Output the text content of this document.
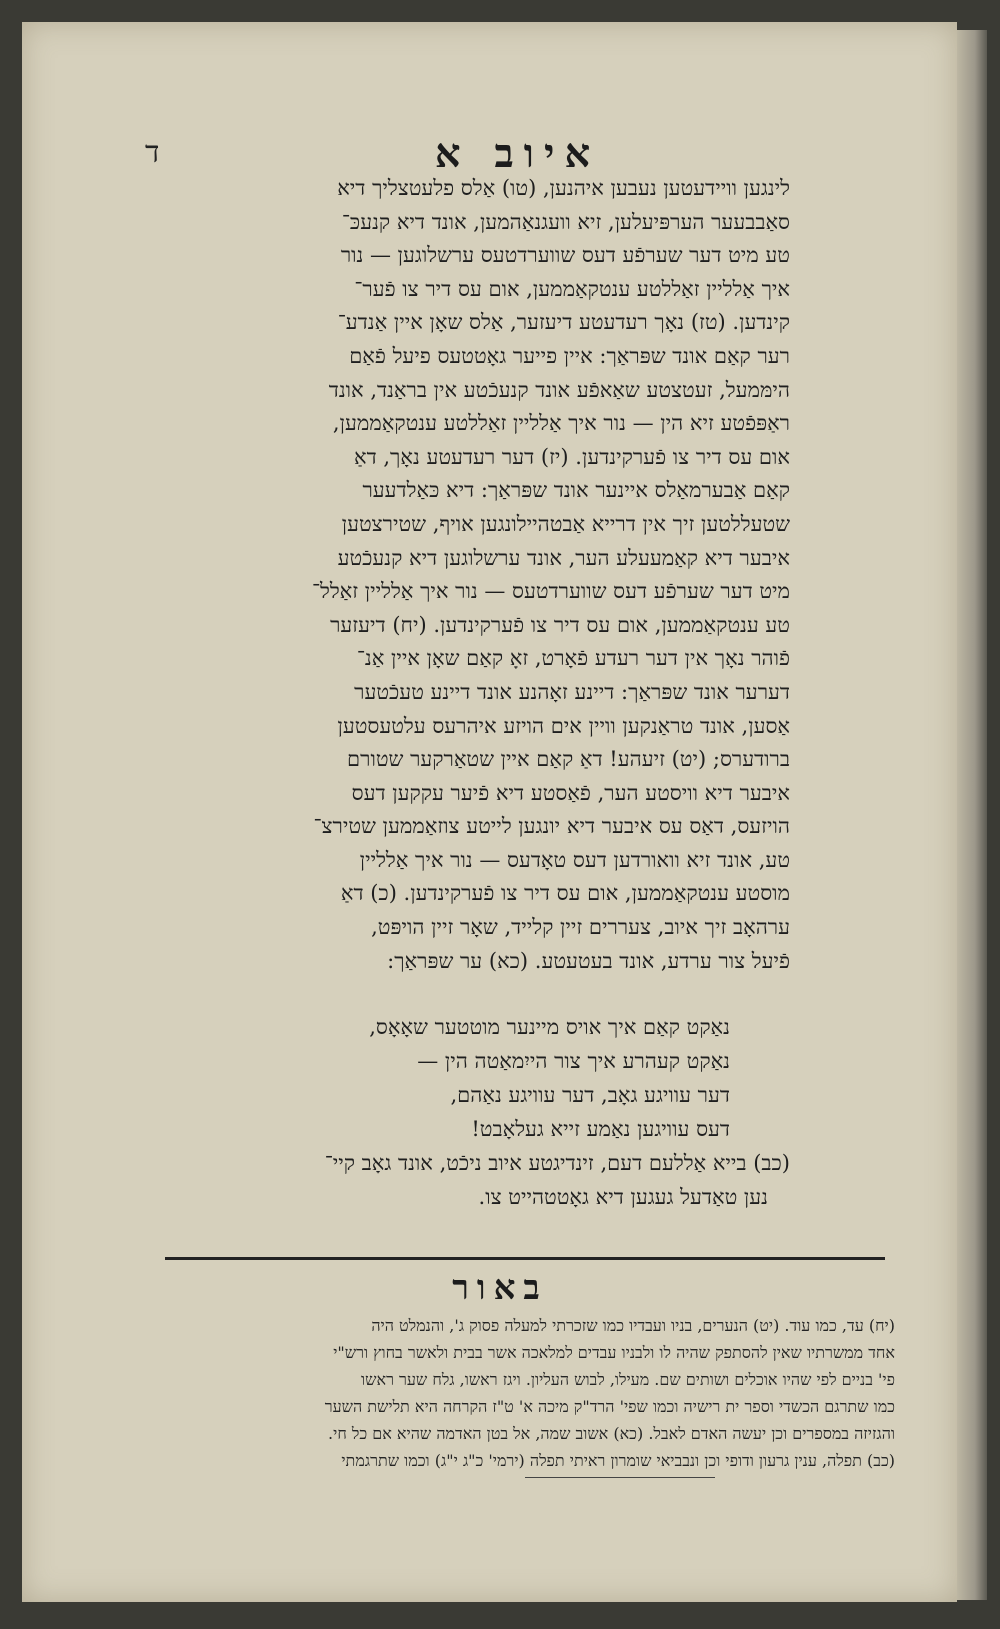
ד	איוב א
לינגען וויידעטען נעבען איהנען, (טו) אַלס פלעטצליך דיא
סאַבבעער הערפּיעלען, זיא וועגנאַהמען, אונד דיא קנעכּ־
טע מיט דער שערפֿע דעס שווערדטעס ערשלוגען — נור
איך אַלליין זאַללטע ענטקאַממען, אום עס דיר צו פֿער־
קינדען. (טז) נאָך רעדעטע דיעזער, אַלס שאָן איין אַנדע־
רער קאַם אונד שפּראַך: איין פייער גאָטטעס פיעל פֿאַם
הימּמעל, זעטצטע שאַאפֿע אונד קנעכֿטע אין בראַנד, אונד
ראַפּפֿטע זיא הין — נור איך אַלליין זאַללטע ענטקאַממען,
אום עס דיר צו פֿערקינדען. (יז) דער רעדעטע נאָך, דאַ
קאַם אַבערמאַלס איינער אונד שפּראַך: דיא כּאַלדעער
שטעללטען זיך אין דרייא אַבטהיילונגען אויף, שטירצטען
איבער דיא קאַמעעלע הער, אונד ערשלוגען דיא קנעכֿטע
מיט דער שערפֿע דעס שווערדטעס — נור איך אַלליין זאַלל־
טע ענטקאַממען, אום עס דיר צו פֿערקינדען. (יח) דיעזער
פֿוהר נאָך אין דער רעדע פֿאָרט, זאָ קאַם שאָן איין אַנ־
דערער אונד שפּראַך: דיינע זאָהנע אונד דיינע טעכֿטער
אַסען, אונד טראַנקען וויין אים הויזע איהרעס עלטעסטען
ברודערס; (יט) זיעהע! דאַ קאַם איין שטאַרקער שטורם
איבער דיא וויסטע הער, פֿאַסטע דיא פֿיער עקקען דעס
הויזעס, דאַס עס איבער דיא יונגען לייטע צוזאַממען שטירצ־
טע, אונד זיא וואורדען דעס טאָדעס — נור איך אַלליין
מוסטע ענטקאַממען, אום עס דיר צו פֿערקינדען. (כ) דאַ
ערהאָב זיך איוב, צעררים זיין קלייד, שאָר זיין הויפּט,
פֿיעל צור ערדע, אונד בעטעטע. (כא) ער שפּראַך:
נאַקט קאַם איך אויס מיינער מוטטער שאָאָס,
נאַקט קעהרע איך צור הייִמאַטה הין —
דער עוויגע גאָב, דער עוויגע נאַהם,
דעס עוויגען נאַמע זייא געלאָבט!
(כב) בייא אַללעם דעם, זינדיגטע איוב ניכֿט, אונד גאָב קיי־
נען טאַדעל געגען דיא גאָטטהייט צו.
באור
(יח) עד, כמו עוד. (יט) הנערים, בניו ועבדיו כמו שזכרתי למעלה פסוק ג', והנמלט היה
אחד ממשרתיו שאין להסתפק שהיה לו ולבניו עבדים למלאכה אשר בבית ולאשר בחוץ ורש"י
פי' בניים לפי שהיו אוכלים ושותים שם. מעילו, לבוש העליון. ויגז ראשו, גלח שער ראשו
כמו שתרגם הכשדי וספר ית רישיה וכמו שפי' הרד"ק מיכה א' ט"ז הקרחה היא תלישת השער
והגזיזה במספרים וכן יעשה האדם לאבל. (כא) אשוב שמה, אל בטן האדמה שהיא אם כל חי.
(כב) תפלה, ענין גרעון ודופי וכן ונבביאי שומרון ראיתי תפלה (ירמי' כ"ג י"ג) וכמו שתרגמתי
